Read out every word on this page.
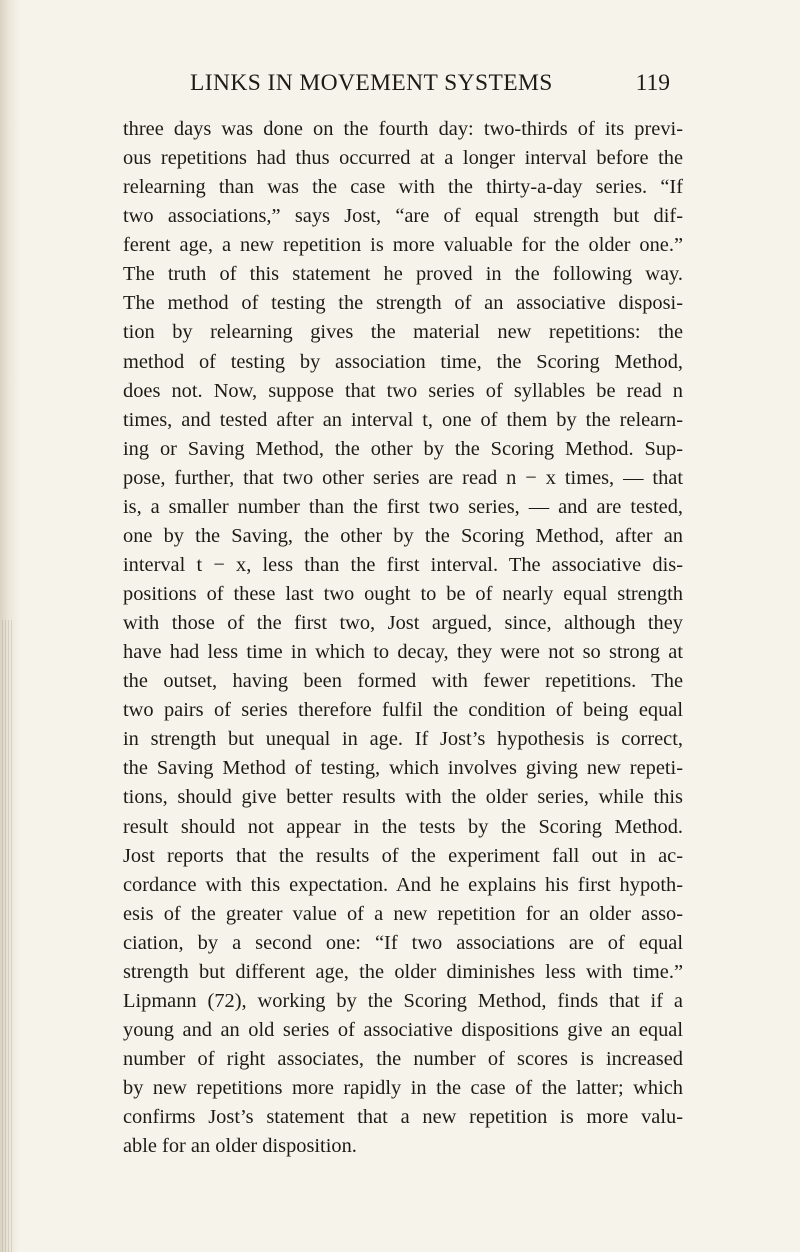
LINKS IN MOVEMENT SYSTEMS	119
three days was done on the fourth day: two-thirds of its previ-
ous repetitions had thus occurred at a longer interval before the
relearning than was the case with the thirty-a-day series. “If
two associations,” says Jost, “are of equal strength but dif-
ferent age, a new repetition is more valuable for the older one.”
The truth of this statement he proved in the following way.
The method of testing the strength of an associative disposi-
tion by relearning gives the material new repetitions: the
method of testing by association time, the Scoring Method,
does not. Now, suppose that two series of syllables be read n
times, and tested after an interval t, one of them by the relearn-
ing or Saving Method, the other by the Scoring Method. Sup-
pose, further, that two other series are read n − x times, — that
is, a smaller number than the first two series, — and are tested,
one by the Saving, the other by the Scoring Method, after an
interval t − x, less than the first interval. The associative dis-
positions of these last two ought to be of nearly equal strength
with those of the first two, Jost argued, since, although they
have had less time in which to decay, they were not so strong at
the outset, having been formed with fewer repetitions. The
two pairs of series therefore fulfil the condition of being equal
in strength but unequal in age. If Jost’s hypothesis is correct,
the Saving Method of testing, which involves giving new repeti-
tions, should give better results with the older series, while this
result should not appear in the tests by the Scoring Method.
Jost reports that the results of the experiment fall out in ac-
cordance with this expectation. And he explains his first hypoth-
esis of the greater value of a new repetition for an older asso-
ciation, by a second one: “If two associations are of equal
strength but different age, the older diminishes less with time.”
Lipmann (72), working by the Scoring Method, finds that if a
young and an old series of associative dispositions give an equal
number of right associates, the number of scores is increased
by new repetitions more rapidly in the case of the latter; which
confirms Jost’s statement that a new repetition is more valu-
able for an older disposition.
